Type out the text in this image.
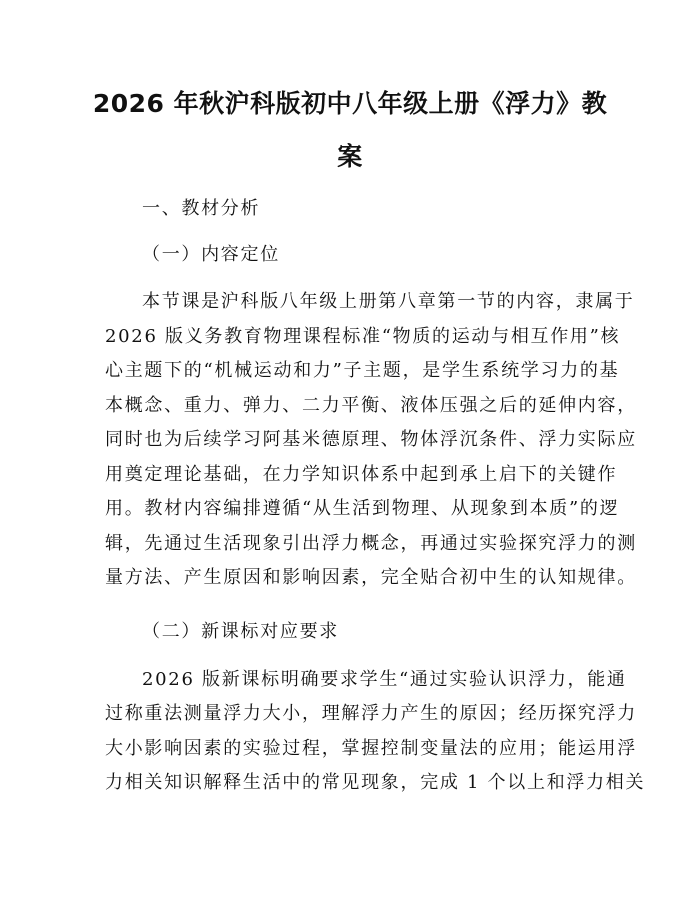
2026 年秋沪科版初中八年级上册《浮力》教
案
一、教材分析
（一）内容定位
本节课是沪科版八年级上册第八章第一节的内容，隶属于
2026 版义务教育物理课程标准“物质的运动与相互作用”核
心主题下的“机械运动和力”子主题，是学生系统学习力的基
本概念、重力、弹力、二力平衡、液体压强之后的延伸内容，
同时也为后续学习阿基米德原理、物体浮沉条件、浮力实际应
用奠定理论基础，在力学知识体系中起到承上启下的关键作
用。教材内容编排遵循“从生活到物理、从现象到本质”的逻
辑，先通过生活现象引出浮力概念，再通过实验探究浮力的测
量方法、产生原因和影响因素，完全贴合初中生的认知规律。
（二）新课标对应要求
2026 版新课标明确要求学生“通过实验认识浮力，能通
过称重法测量浮力大小，理解浮力产生的原因；经历探究浮力
大小影响因素的实验过程，掌握控制变量法的应用；能运用浮
力相关知识解释生活中的常见现象，完成 1 个以上和浮力相关
